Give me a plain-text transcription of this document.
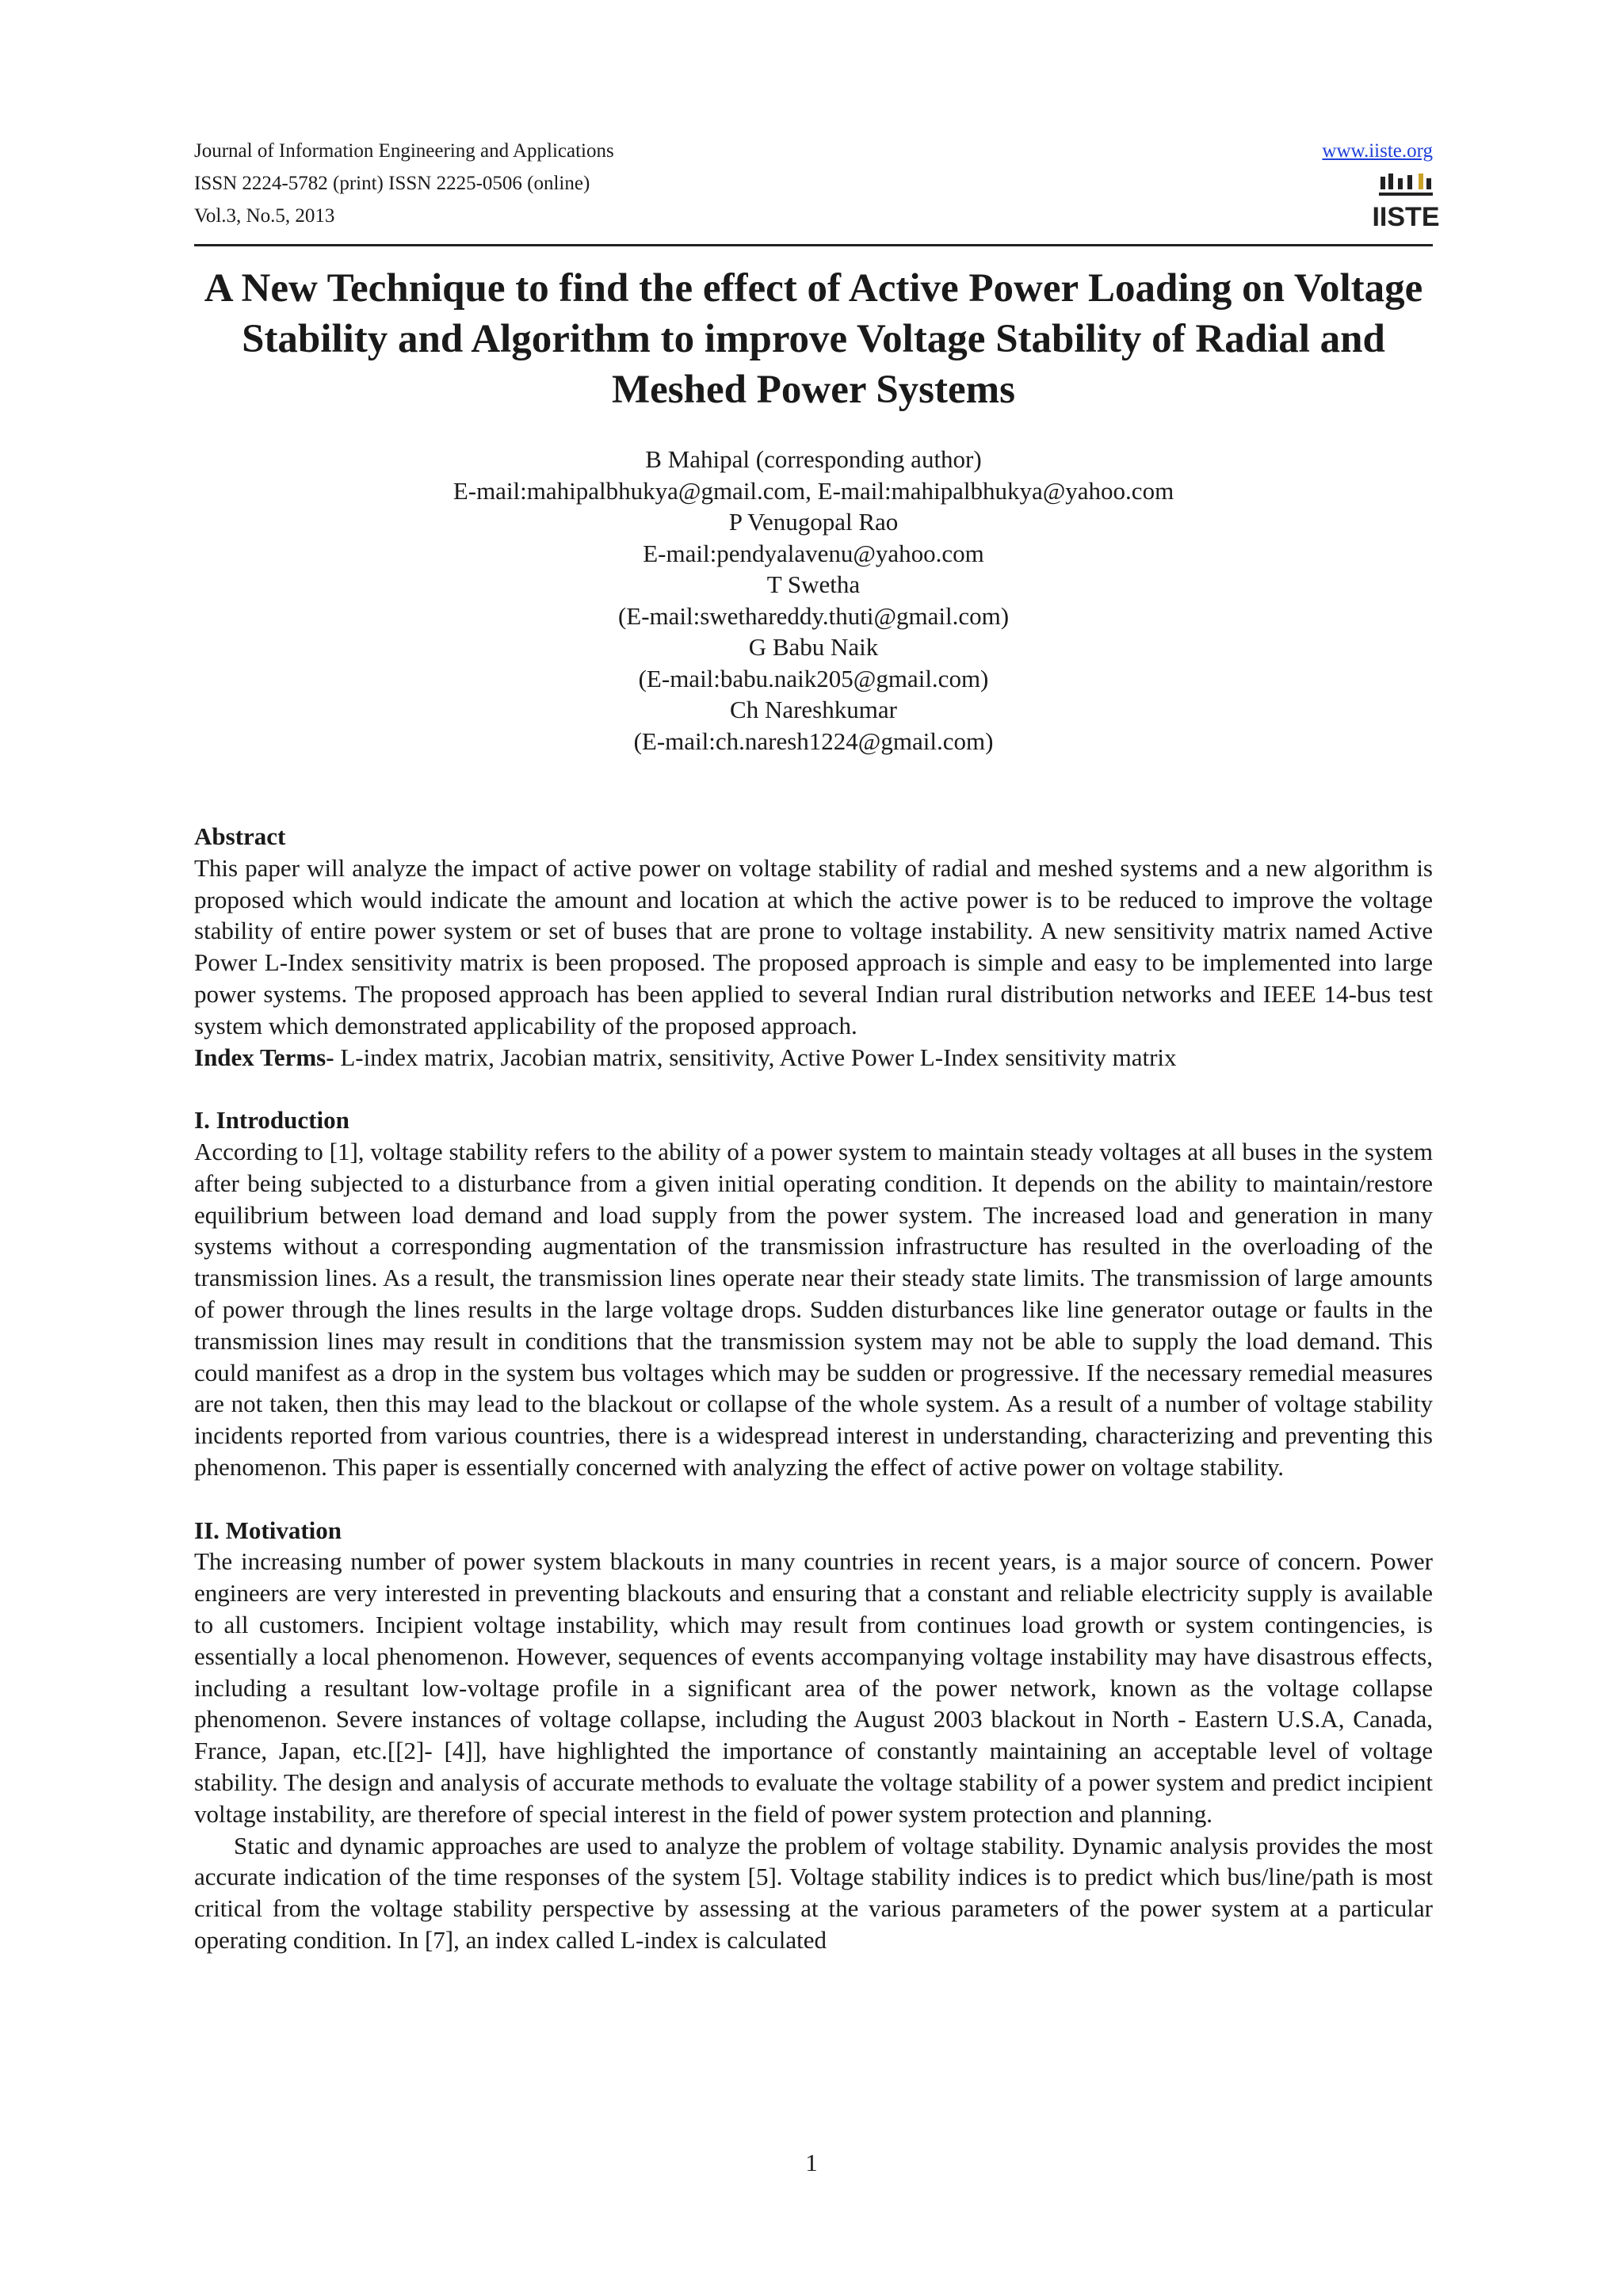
Journal of Information Engineering and Applications
ISSN 2224-5782 (print) ISSN 2225-0506 (online)
Vol.3, No.5, 2013
www.iiste.org
IISTE
A New Technique to find the effect of Active Power Loading on Voltage Stability and Algorithm to improve Voltage Stability of Radial and Meshed Power Systems
B Mahipal (corresponding author)
E-mail:mahipalbhukya@gmail.com, E-mail:mahipalbhukya@yahoo.com
P Venugopal Rao
E-mail:pendyalavenu@yahoo.com
T Swetha
(E-mail:swethareddy.thuti@gmail.com)
G Babu Naik
(E-mail:babu.naik205@gmail.com)
Ch Nareshkumar
(E-mail:ch.naresh1224@gmail.com)
Abstract

This paper will analyze the impact of active power on voltage stability of radial and meshed systems and a new algorithm is proposed which would indicate the amount and location at which the active power is to be reduced to improve the voltage stability of entire power system or set of buses that are prone to voltage instability. A new sensitivity matrix named Active Power L-Index sensitivity matrix is been proposed. The proposed approach is simple and easy to be implemented into large power systems. The proposed approach has been applied to several Indian rural distribution networks and IEEE 14-bus test system which demonstrated applicability of the proposed approach.

Index Terms- L-index matrix, Jacobian matrix, sensitivity, Active Power L-Index sensitivity matrix

I. Introduction

According to [1], voltage stability refers to the ability of a power system to maintain steady voltages at all buses in the system after being subjected to a disturbance from a given initial operating condition. It depends on the ability to maintain/restore equilibrium between load demand and load supply from the power system. The increased load and generation in many systems without a corresponding augmentation of the transmission infrastructure has resulted in the overloading of the transmission lines. As a result, the transmission lines operate near their steady state limits. The transmission of large amounts of power through the lines results in the large voltage drops. Sudden disturbances like line generator outage or faults in the transmission lines may result in conditions that the transmission system may not be able to supply the load demand. This could manifest as a drop in the system bus voltages which may be sudden or progressive. If the necessary remedial measures are not taken, then this may lead to the blackout or collapse of the whole system. As a result of a number of voltage stability incidents reported from various countries, there is a widespread interest in understanding, characterizing and preventing this phenomenon. This paper is essentially concerned with analyzing the effect of active power on voltage stability.

II. Motivation

The increasing number of power system blackouts in many countries in recent years, is a major source of concern. Power engineers are very interested in preventing blackouts and ensuring that a constant and reliable electricity supply is available to all customers. Incipient voltage instability, which may result from continues load growth or system contingencies, is essentially a local phenomenon. However, sequences of events accompanying voltage instability may have disastrous effects, including a resultant low-voltage profile in a significant area of the power network, known as the voltage collapse phenomenon. Severe instances of voltage collapse, including the August 2003 blackout in North - Eastern U.S.A, Canada, France, Japan, etc.[[2]- [4]], have highlighted the importance of constantly maintaining an acceptable level of voltage stability. The design and analysis of accurate methods to evaluate the voltage stability of a power system and predict incipient voltage instability, are therefore of special interest in the field of power system protection and planning.

Static and dynamic approaches are used to analyze the problem of voltage stability. Dynamic analysis provides the most accurate indication of the time responses of the system [5]. Voltage stability indices is to predict which bus/line/path is most critical from the voltage stability perspective by assessing at the various parameters of the power system at a particular operating condition. In [7], an index called L-index is calculated

1
